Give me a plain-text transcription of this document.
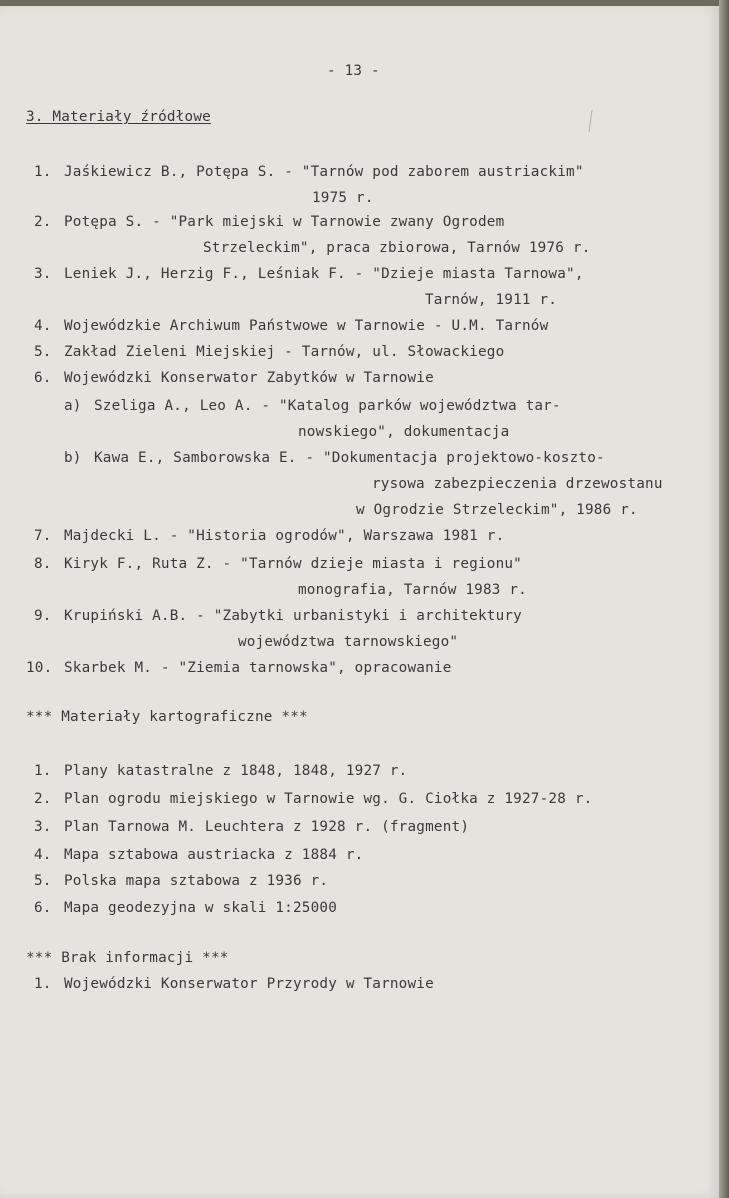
- 13 -
3. Materiały źródłowe
1. Jaśkiewicz B., Potępa S. - "Tarnów pod zaborem austriackim"
1975 r.
2. Potępa S. - "Park miejski w Tarnowie zwany Ogrodem
Strzeleckim", praca zbiorowa, Tarnów 1976 r.
3. Leniek J., Herzig F., Leśniak F. - "Dzieje miasta Tarnowa",
Tarnów, 1911 r.
4. Wojewódzkie Archiwum Państwowe w Tarnowie - U.M. Tarnów
5. Zakład Zieleni Miejskiej - Tarnów, ul. Słowackiego
6. Wojewódzki Konserwator Zabytków w Tarnowie
a) Szeliga A., Leo A. - "Katalog parków województwa tar-
nowskiego", dokumentacja
b) Kawa E., Samborowska E. - "Dokumentacja projektowo-koszto-
rysowa zabezpieczenia drzewostanu
w Ogrodzie Strzeleckim", 1986 r.
7. Majdecki L. - "Historia ogrodów", Warszawa 1981 r.
8. Kiryk F., Ruta Z. - "Tarnów dzieje miasta i regionu"
monografia, Tarnów 1983 r.
9. Krupiński A.B. - "Zabytki urbanistyki i architektury
województwa tarnowskiego"
10. Skarbek M. - "Ziemia tarnowska", opracowanie
*** Materiały kartograficzne ***
1. Plany katastralne z 1848, 1848, 1927 r.
2. Plan ogrodu miejskiego w Tarnowie wg. G. Ciołka z 1927-28 r.
3. Plan Tarnowa M. Leuchtera z 1928 r. (fragment)
4. Mapa sztabowa austriacka z 1884 r.
5. Polska mapa sztabowa z 1936 r.
6. Mapa geodezyjna w skali 1:25000
*** Brak informacji ***
1. Wojewódzki Konserwator Przyrody w Tarnowie
